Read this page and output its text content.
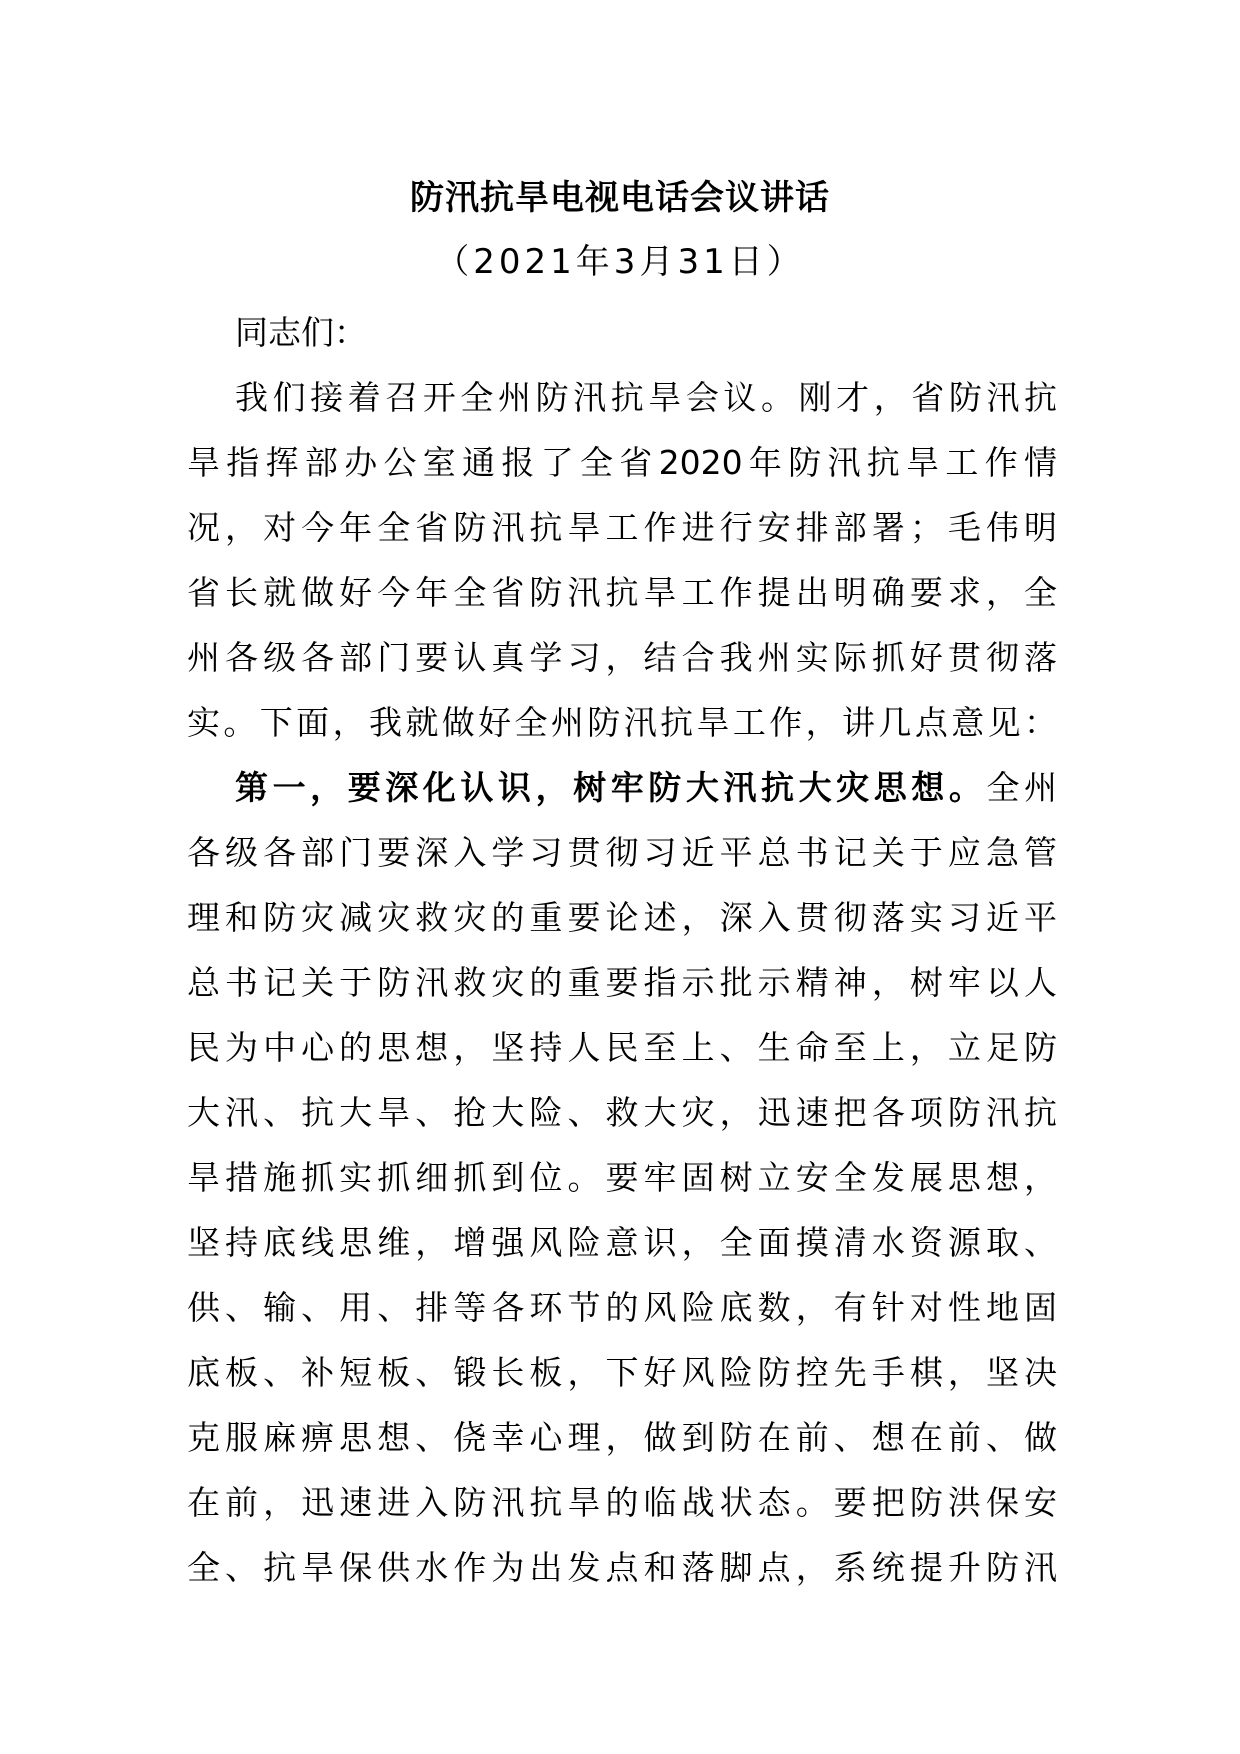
防汛抗旱电视电话会议讲话
（2021年3月31日）
同志们：
我们接着召开全州防汛抗旱会议。刚才，省防汛抗
旱指挥部办公室通报了全省2020年防汛抗旱工作情
况，对今年全省防汛抗旱工作进行安排部署；毛伟明
省长就做好今年全省防汛抗旱工作提出明确要求，全
州各级各部门要认真学习，结合我州实际抓好贯彻落
实。下面，我就做好全州防汛抗旱工作，讲几点意见：
第一，要深化认识，树牢防大汛抗大灾思想。全州
各级各部门要深入学习贯彻习近平总书记关于应急管
理和防灾减灾救灾的重要论述，深入贯彻落实习近平
总书记关于防汛救灾的重要指示批示精神，树牢以人
民为中心的思想，坚持人民至上、生命至上，立足防
大汛、抗大旱、抢大险、救大灾，迅速把各项防汛抗
旱措施抓实抓细抓到位。要牢固树立安全发展思想，
坚持底线思维，增强风险意识，全面摸清水资源取、
供、输、用、排等各环节的风险底数，有针对性地固
底板、补短板、锻长板，下好风险防控先手棋，坚决
克服麻痹思想、侥幸心理，做到防在前、想在前、做
在前，迅速进入防汛抗旱的临战状态。要把防洪保安
全、抗旱保供水作为出发点和落脚点，系统提升防汛
